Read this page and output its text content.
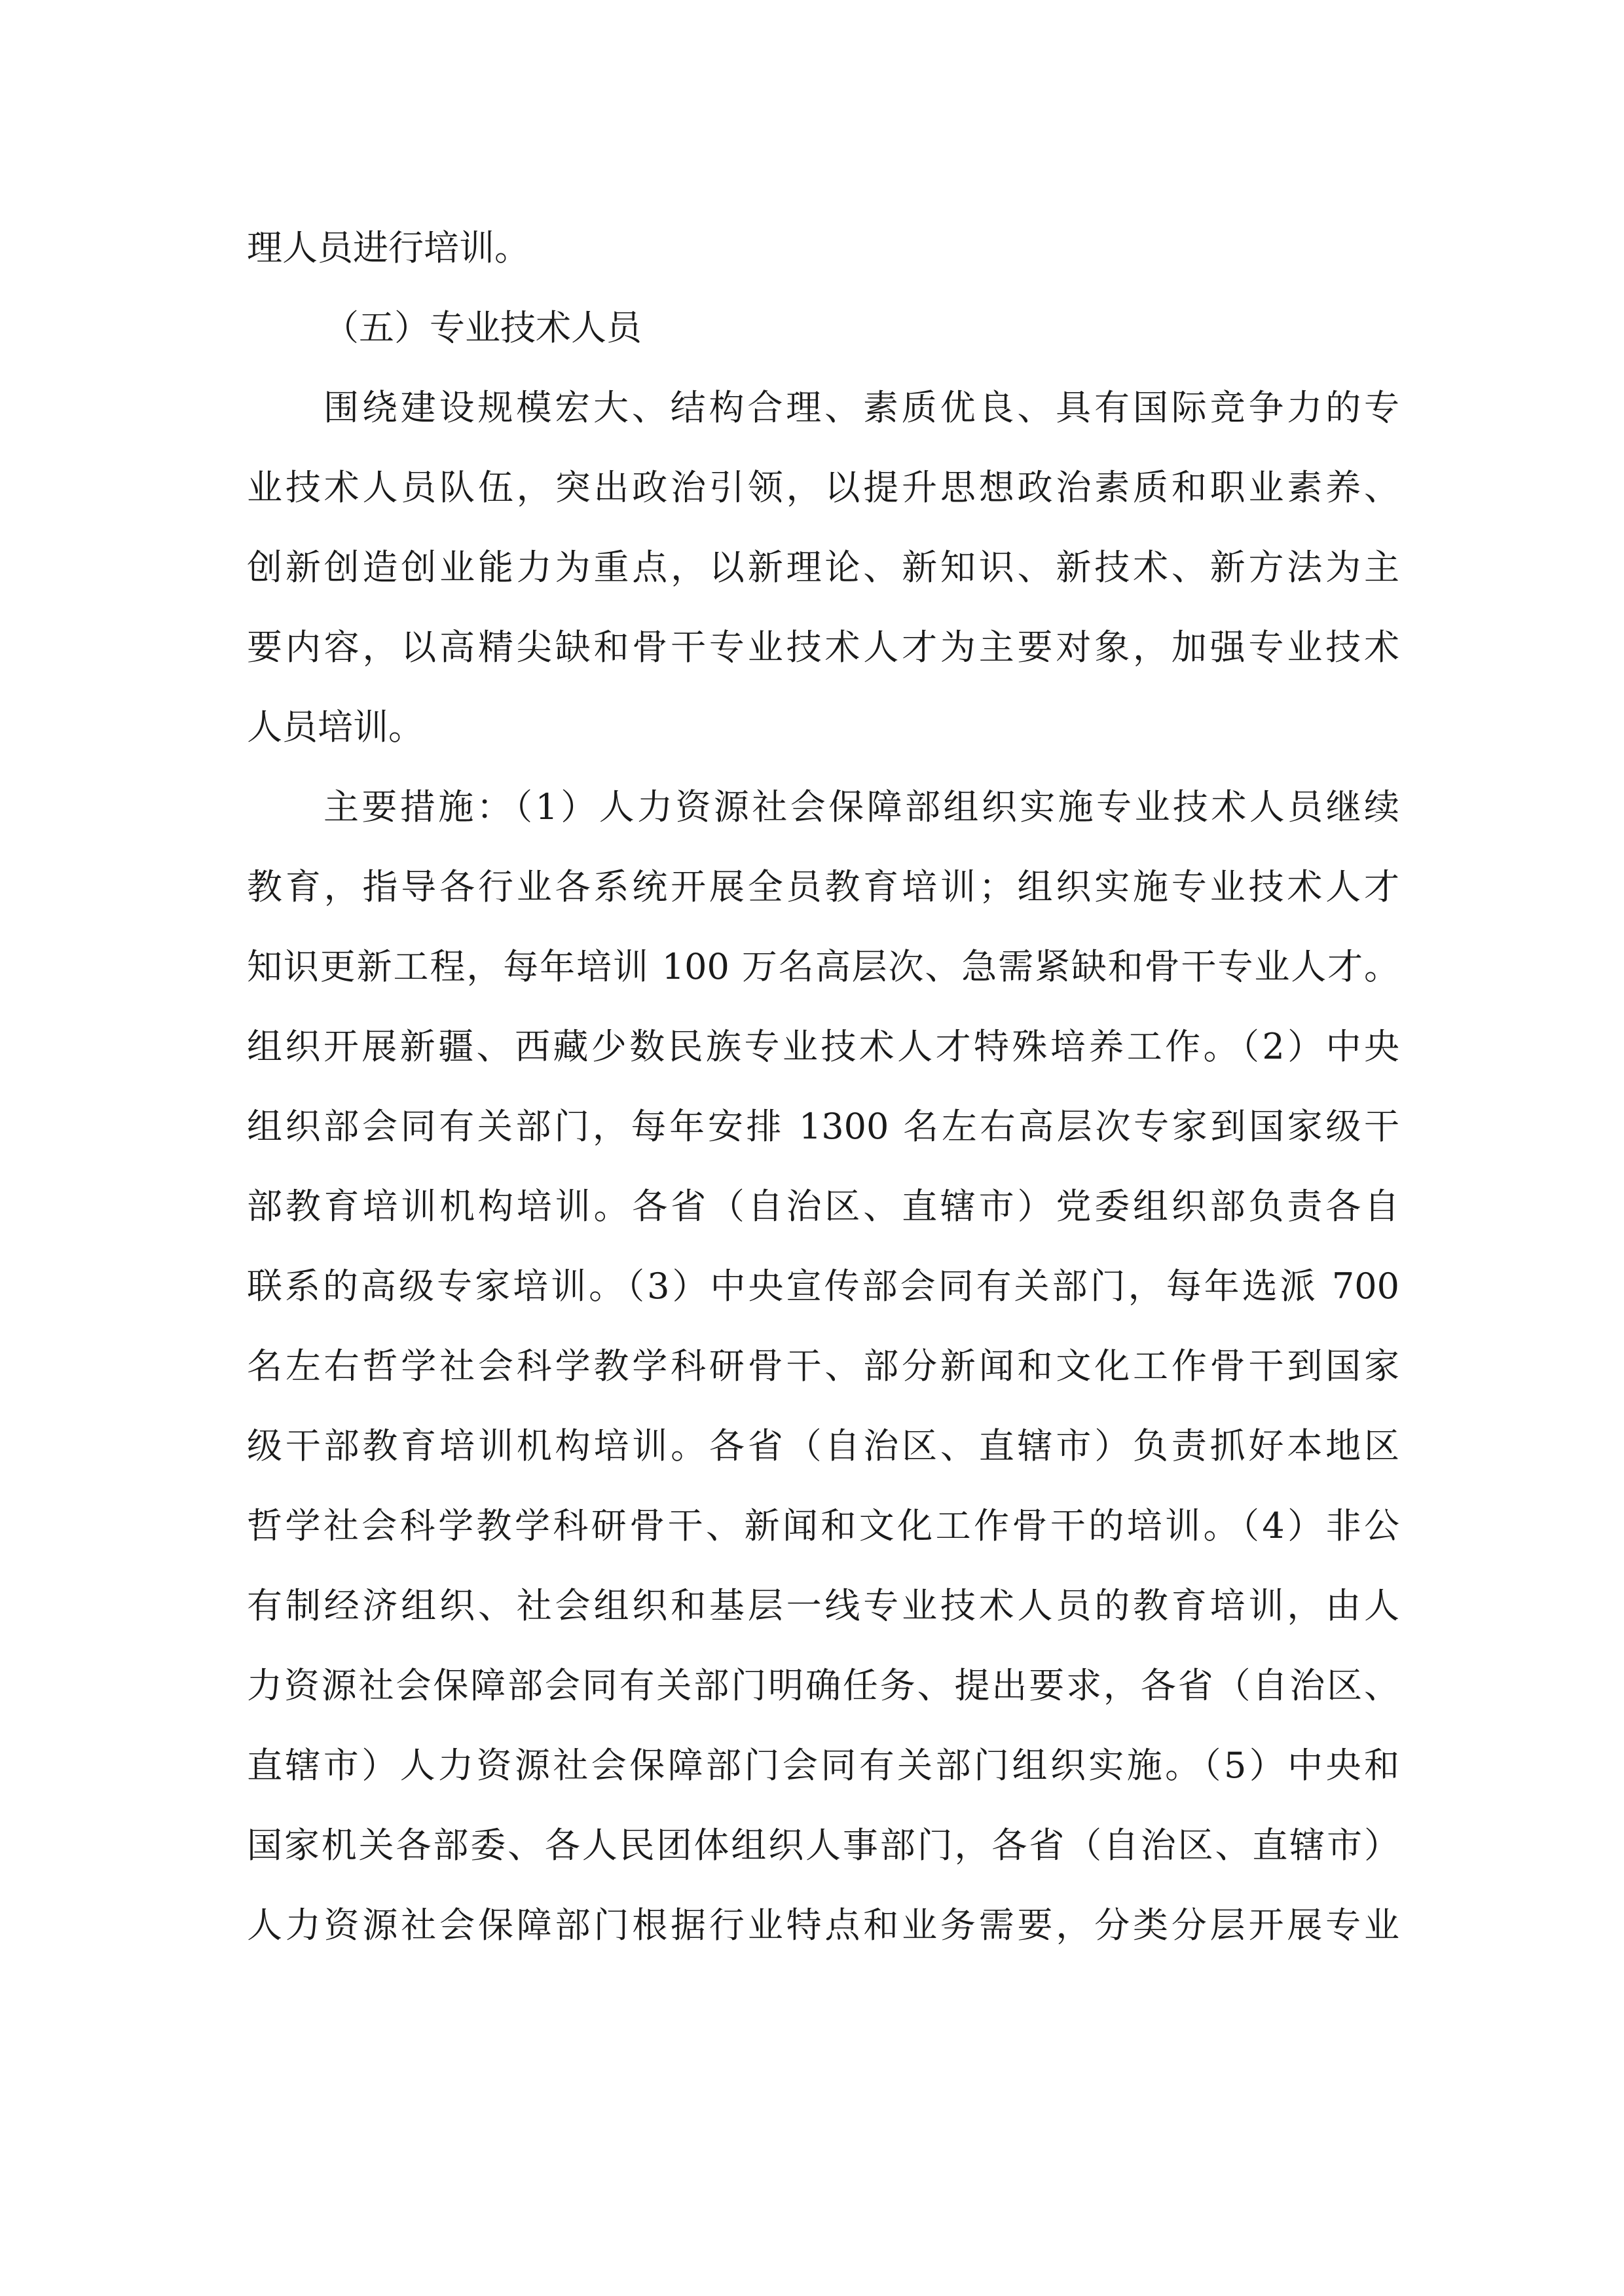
理人员进行培训。
（五）专业技术人员
围绕建设规模宏大、结构合理、素质优良、具有国际竞争力的专
业技术人员队伍，突出政治引领，以提升思想政治素质和职业素养、
创新创造创业能力为重点，以新理论、新知识、新技术、新方法为主
要内容，以高精尖缺和骨干专业技术人才为主要对象，加强专业技术
人员培训。
主要措施：（1）人力资源社会保障部组织实施专业技术人员继续
教育，指导各行业各系统开展全员教育培训；组织实施专业技术人才
知识更新工程，每年培训 100 万名高层次、急需紧缺和骨干专业人才。
组织开展新疆、西藏少数民族专业技术人才特殊培养工作。（2）中央
组织部会同有关部门，每年安排 1300 名左右高层次专家到国家级干
部教育培训机构培训。各省（自治区、直辖市）党委组织部负责各自
联系的高级专家培训。（3）中央宣传部会同有关部门，每年选派 700
名左右哲学社会科学教学科研骨干、部分新闻和文化工作骨干到国家
级干部教育培训机构培训。各省（自治区、直辖市）负责抓好本地区
哲学社会科学教学科研骨干、新闻和文化工作骨干的培训。（4）非公
有制经济组织、社会组织和基层一线专业技术人员的教育培训，由人
力资源社会保障部会同有关部门明确任务、提出要求，各省（自治区、
直辖市）人力资源社会保障部门会同有关部门组织实施。（5）中央和
国家机关各部委、各人民团体组织人事部门，各省（自治区、直辖市）
人力资源社会保障部门根据行业特点和业务需要，分类分层开展专业
